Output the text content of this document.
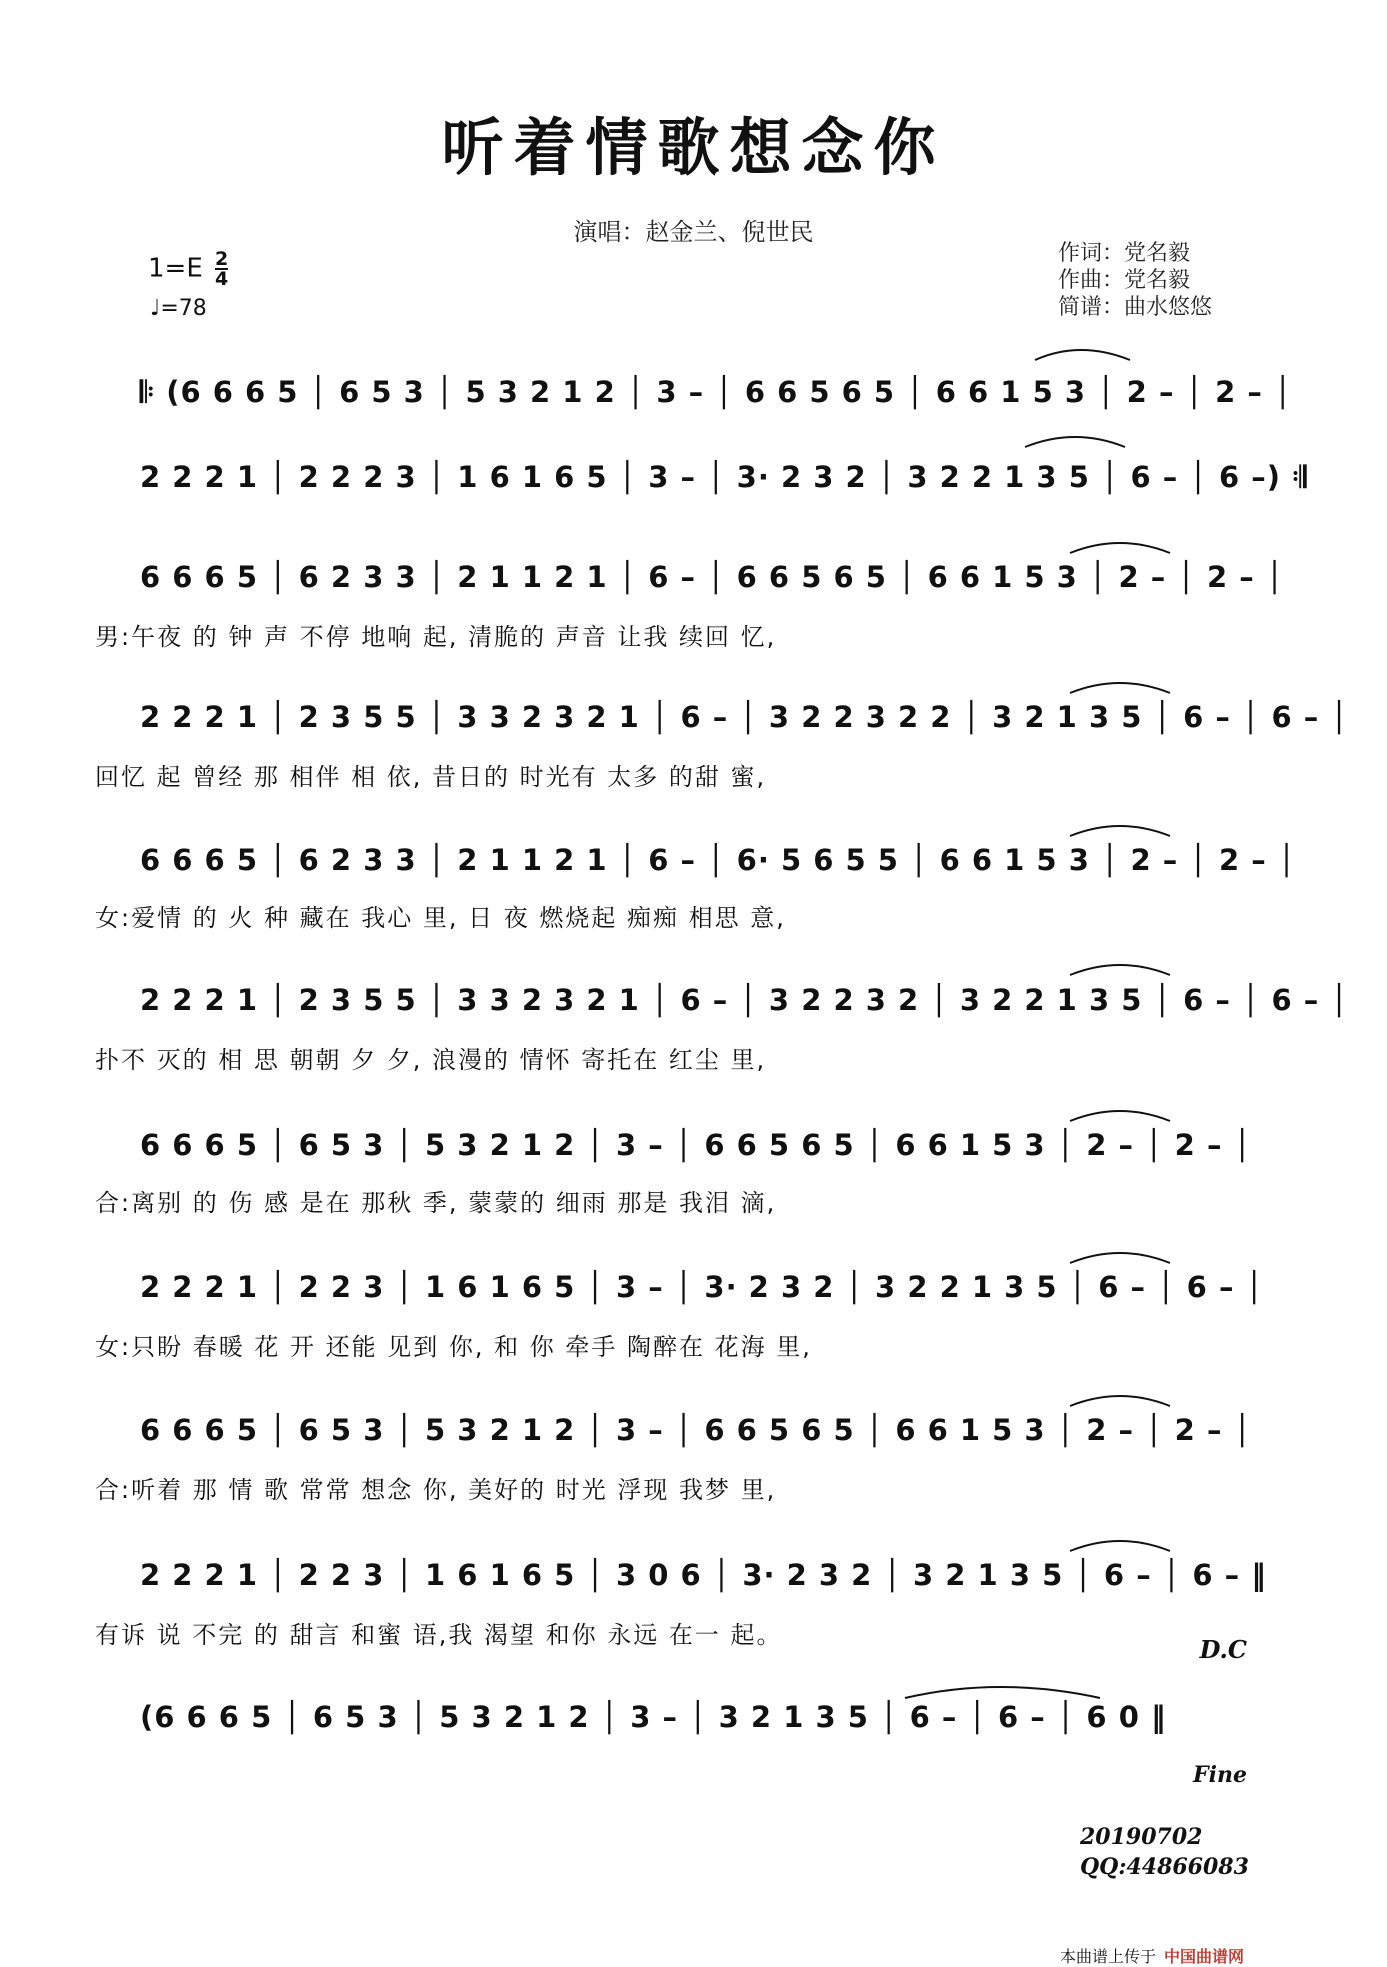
听着情歌想念你
演唱：赵金兰、倪世民
作词：党名毅
作曲：党名毅
简谱：曲水悠悠
$1=E \frac{2}{4}$
♩=78
𝄆 (6 6 6 5 │ 6 5 3 │ 5 3 2 1 2 │ 3 – │ 6 6 5 6 5 │ 6 6 1 5 3 │ 2 – │ 2 – │
2 2 2 1 │ 2 2 2 3 │ 1 6 1 6 5 │ 3 – │ 3· 2 3 2 │ 3 2 2 1 3 5 │ 6 – │ 6 –) 𝄇
6 6 6 5 │ 6 2 3 3 │ 2 1 1 2 1 │ 6 – │ 6 6 5 6 5 │ 6 6 1 5 3 │ 2 – │ 2 – │
男:午夜 的 钟 声 不停 地响 起, 清脆的 声音 让我 续回 忆,
2 2 2 1 │ 2 3 5 5 │ 3 3 2 3 2 1 │ 6 – │ 3 2 2 3 2 2 │ 3 2 1 3 5 │ 6 – │ 6 – │
回忆 起 曾经 那 相伴 相 依, 昔日的 时光有 太多 的甜 蜜,
6 6 6 5 │ 6 2 3 3 │ 2 1 1 2 1 │ 6 – │ 6· 5 6 5 5 │ 6 6 1 5 3 │ 2 – │ 2 – │
女:爱情 的 火 种 藏在 我心 里, 日 夜 燃烧起 痴痴 相思 意,
2 2 2 1 │ 2 3 5 5 │ 3 3 2 3 2 1 │ 6 – │ 3 2 2 3 2 │ 3 2 2 1 3 5 │ 6 – │ 6 – │
扑不 灭的 相 思 朝朝 夕 夕, 浪漫的 情怀 寄托在 红尘 里,
6 6 6 5 │ 6 5 3 │ 5 3 2 1 2 │ 3 – │ 6 6 5 6 5 │ 6 6 1 5 3 │ 2 – │ 2 – │
合:离别 的 伤 感 是在 那秋 季, 蒙蒙的 细雨 那是 我泪 滴,
2 2 2 1 │ 2 2 3 │ 1 6 1 6 5 │ 3 – │ 3· 2 3 2 │ 3 2 2 1 3 5 │ 6 – │ 6 – │
女:只盼 春暖 花 开 还能 见到 你, 和 你 牵手 陶醉在 花海 里,
6 6 6 5 │ 6 5 3 │ 5 3 2 1 2 │ 3 – │ 6 6 5 6 5 │ 6 6 1 5 3 │ 2 – │ 2 – │
合:听着 那 情 歌 常常 想念 你, 美好的 时光 浮现 我梦 里,
2 2 2 1 │ 2 2 3 │ 1 6 1 6 5 │ 3 0 6 │ 3· 2 3 2 │ 3 2 1 3 5 │ 6 – │ 6 – ‖
有诉 说 不完 的 甜言 和蜜 语,我 渴望 和你 永远 在一 起。
(6 6 6 5 │ 6 5 3 │ 5 3 2 1 2 │ 3 – │ 3 2 1 3 5 │ 6 – │ 6 – │ 6 0 ‖
D.C
Fine
20190702
QQ:44866083
本曲谱上传于 中国曲谱网
